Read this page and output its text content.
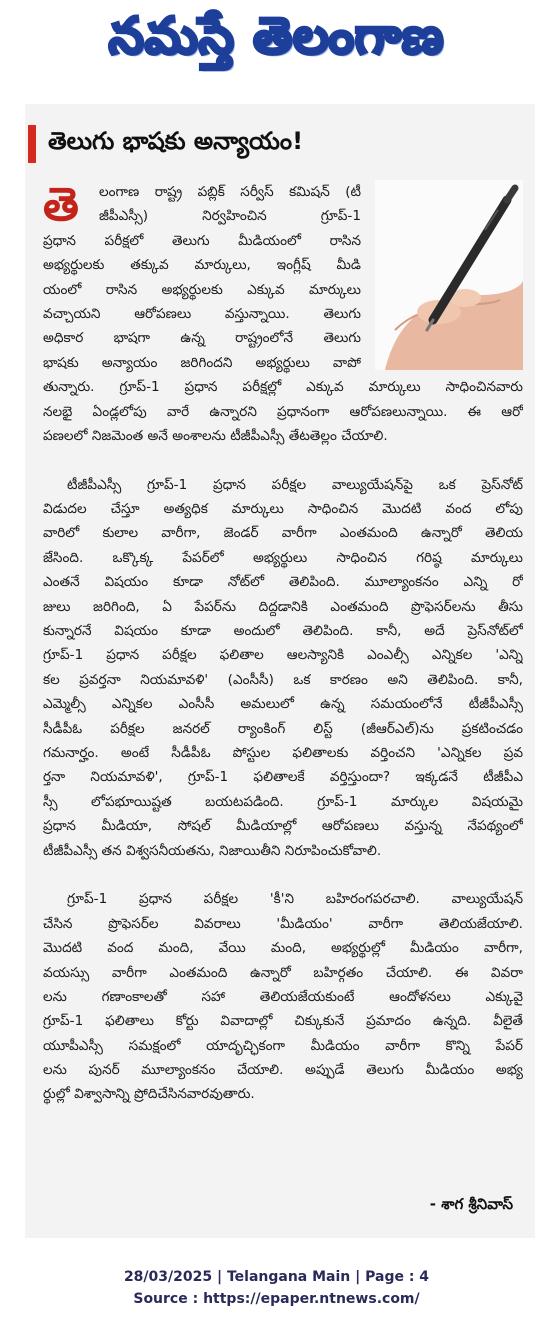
నమస్తే తెలంగాణ
తెలుగు భాషకు అన్యాయం!
తె	లంగాణ రాష్ట్ర పబ్లిక్ సర్వీస్ కమిషన్ (టీ
జీపీఎస్సీ) నిర్వహించిన గ్రూప్-1
ప్రధాన పరీక్షలో తెలుగు మీడియంలో రాసిన
అభ్యర్థులకు తక్కువ మార్కులు, ఇంగ్లీష్ మీడి
యంలో రాసిన అభ్యర్థులకు ఎక్కువ మార్కులు
వచ్చాయని ఆరోపణలు వస్తున్నాయి. తెలుగు
అధికార భాషగా ఉన్న రాష్ట్రంలోనే తెలుగు
భాషకు అన్యాయం జరిగిందని అభ్యర్థులు వాపో
తున్నారు. గ్రూప్-1 ప్రధాన పరీక్షల్లో ఎక్కువ మార్కులు సాధించినవారు
నలభై ఏండ్లలోపు వారే ఉన్నారని ప్రధానంగా ఆరోపణలున్నాయి. ఈ ఆరో
పణలలో నిజమెంత అనే అంశాలను టీజీపీఎస్సీ తేటతెల్లం చేయాలి.
టీజీపీఎస్సీ గ్రూప్-1 ప్రధాన పరీక్షల వాల్యుయేషన్‌పై ఒక ప్రెస్‌నోట్
విడుదల చేస్తూ అత్యధిక మార్కులు సాధించిన మొదటి వంద లోపు
వారిలో కులాల వారీగా, జెండర్ వారీగా ఎంతమంది ఉన్నారో తెలియ
జేసింది. ఒక్కొక్క పేపర్‌లో అభ్యర్థులు సాధించిన గరిష్ఠ మార్కులు
ఎంతనే విషయం కూడా నోట్‌లో తెలిపింది. మూల్యాంకనం ఎన్ని రో
జులు జరిగింది, ఏ పేపర్‌ను దిద్దడానికి ఎంతమంది ప్రొఫెసర్‌లను తీసు
కున్నారనే విషయం కూడా అందులో తెలిపింది. కానీ, అదే ప్రెస్‌నోట్‌లో
గ్రూప్-1 ప్రధాన పరీక్షల ఫలితాల ఆలస్యానికి ఎంఎల్సీ ఎన్నికల 'ఎన్ని
కల ప్రవర్తనా నియమావళి' (ఎంసీసీ) ఒక కారణం అని తెలిపింది. కానీ,
ఎమ్మెల్సీ ఎన్నికల ఎంసీసీ అమలులో ఉన్న సమయంలోనే టీజీపీఎస్సీ
సీడీపీఓ పరీక్షల జనరల్ ర్యాంకింగ్ లిస్ట్ (జీఆర్ఎల్)ను ప్రకటించడం
గమనార్హం. అంటే సీడీపీఓ పోస్టుల ఫలితాలకు వర్తించని 'ఎన్నికల ప్రవ
ర్తనా నియమావళి', గ్రూప్-1 ఫలితాలకే వర్తిస్తుందా? ఇక్కడనే టీజీపీఎ
స్సీ లోపభూయిష్టత బయటపడింది. గ్రూప్-1 మార్కుల విషయమై
ప్రధాన మీడియా, సోషల్ మీడియాల్లో ఆరోపణలు వస్తున్న నేపథ్యంలో
టీజీపీఎస్సీ తన విశ్వసనీయతను, నిజాయితీని నిరూపించుకోవాలి.
గ్రూప్-1 ప్రధాన పరీక్షల 'కీ'ని బహిరంగపరచాలి. వాల్యుయేషన్
చేసిన ప్రొఫెసర్‌ల వివరాలు 'మీడియం' వారీగా తెలియజేయాలి.
మొదటి వంద మంది, వేయి మంది, అభ్యర్థుల్లో మీడియం వారీగా,
వయస్సు వారీగా ఎంతమంది ఉన్నారో బహిర్గతం చేయాలి. ఈ వివరా
లను గణాంకాలతో సహా తెలియజేయకుంటే ఆందోళనలు ఎక్కువై
గ్రూప్-1 ఫలితాలు కోర్టు వివాదాల్లో చిక్కుకునే ప్రమాదం ఉన్నది. వీలైతే
యూపీఎస్సీ సమక్షంలో యాదృచ్ఛికంగా మీడియం వారీగా కొన్ని పేపర్
లను పునర్ మూల్యాంకనం చేయాలి. అప్పుడే తెలుగు మీడియం అభ్య
ర్థుల్లో విశ్వాసాన్ని ప్రోదిచేసినవారవుతారు.
- శాగ శ్రీనివాస్
28/03/2025 | Telangana Main | Page : 4
Source : https://epaper.ntnews.com/
